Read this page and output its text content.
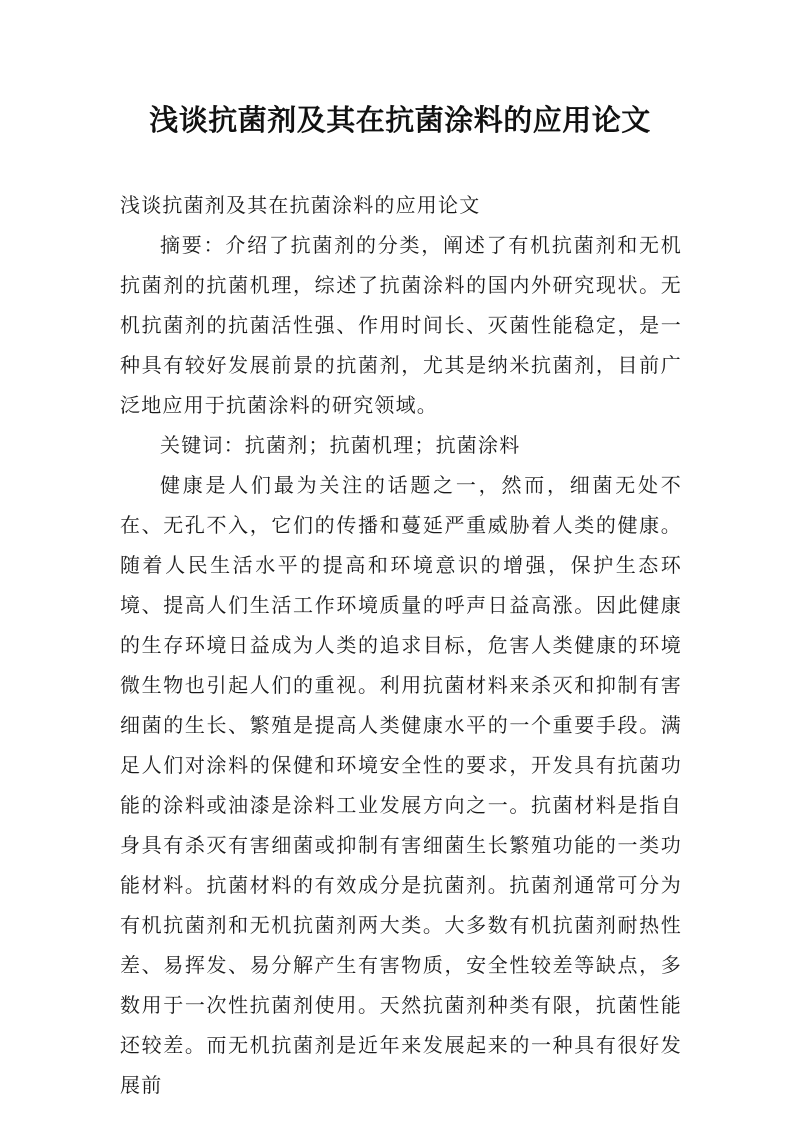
浅谈抗菌剂及其在抗菌涂料的应用论文

浅谈抗菌剂及其在抗菌涂料的应用论文

摘要：介绍了抗菌剂的分类，阐述了有机抗菌剂和无机抗菌剂的抗菌机理，综述了抗菌涂料的国内外研究现状。无机抗菌剂的抗菌活性强、作用时间长、灭菌性能稳定，是一种具有较好发展前景的抗菌剂，尤其是纳米抗菌剂，目前广泛地应用于抗菌涂料的研究领域。

关键词：抗菌剂；抗菌机理；抗菌涂料

健康是人们最为关注的话题之一，然而，细菌无处不在、无孔不入，它们的传播和蔓延严重威胁着人类的健康。随着人民生活水平的提高和环境意识的增强，保护生态环境、提高人们生活工作环境质量的呼声日益高涨。因此健康的生存环境日益成为人类的追求目标，危害人类健康的环境微生物也引起人们的重视。利用抗菌材料来杀灭和抑制有害细菌的生长、繁殖是提高人类健康水平的一个重要手段。满足人们对涂料的保健和环境安全性的要求，开发具有抗菌功能的涂料或油漆是涂料工业发展方向之一。抗菌材料是指自身具有杀灭有害细菌或抑制有害细菌生长繁殖功能的一类功能材料。抗菌材料的有效成分是抗菌剂。抗菌剂通常可分为有机抗菌剂和无机抗菌剂两大类。大多数有机抗菌剂耐热性差、易挥发、易分解产生有害物质，安全性较差等缺点，多数用于一次性抗菌剂使用。天然抗菌剂种类有限，抗菌性能还较差。而无机抗菌剂是近年来发展起来的一种具有很好发展前
